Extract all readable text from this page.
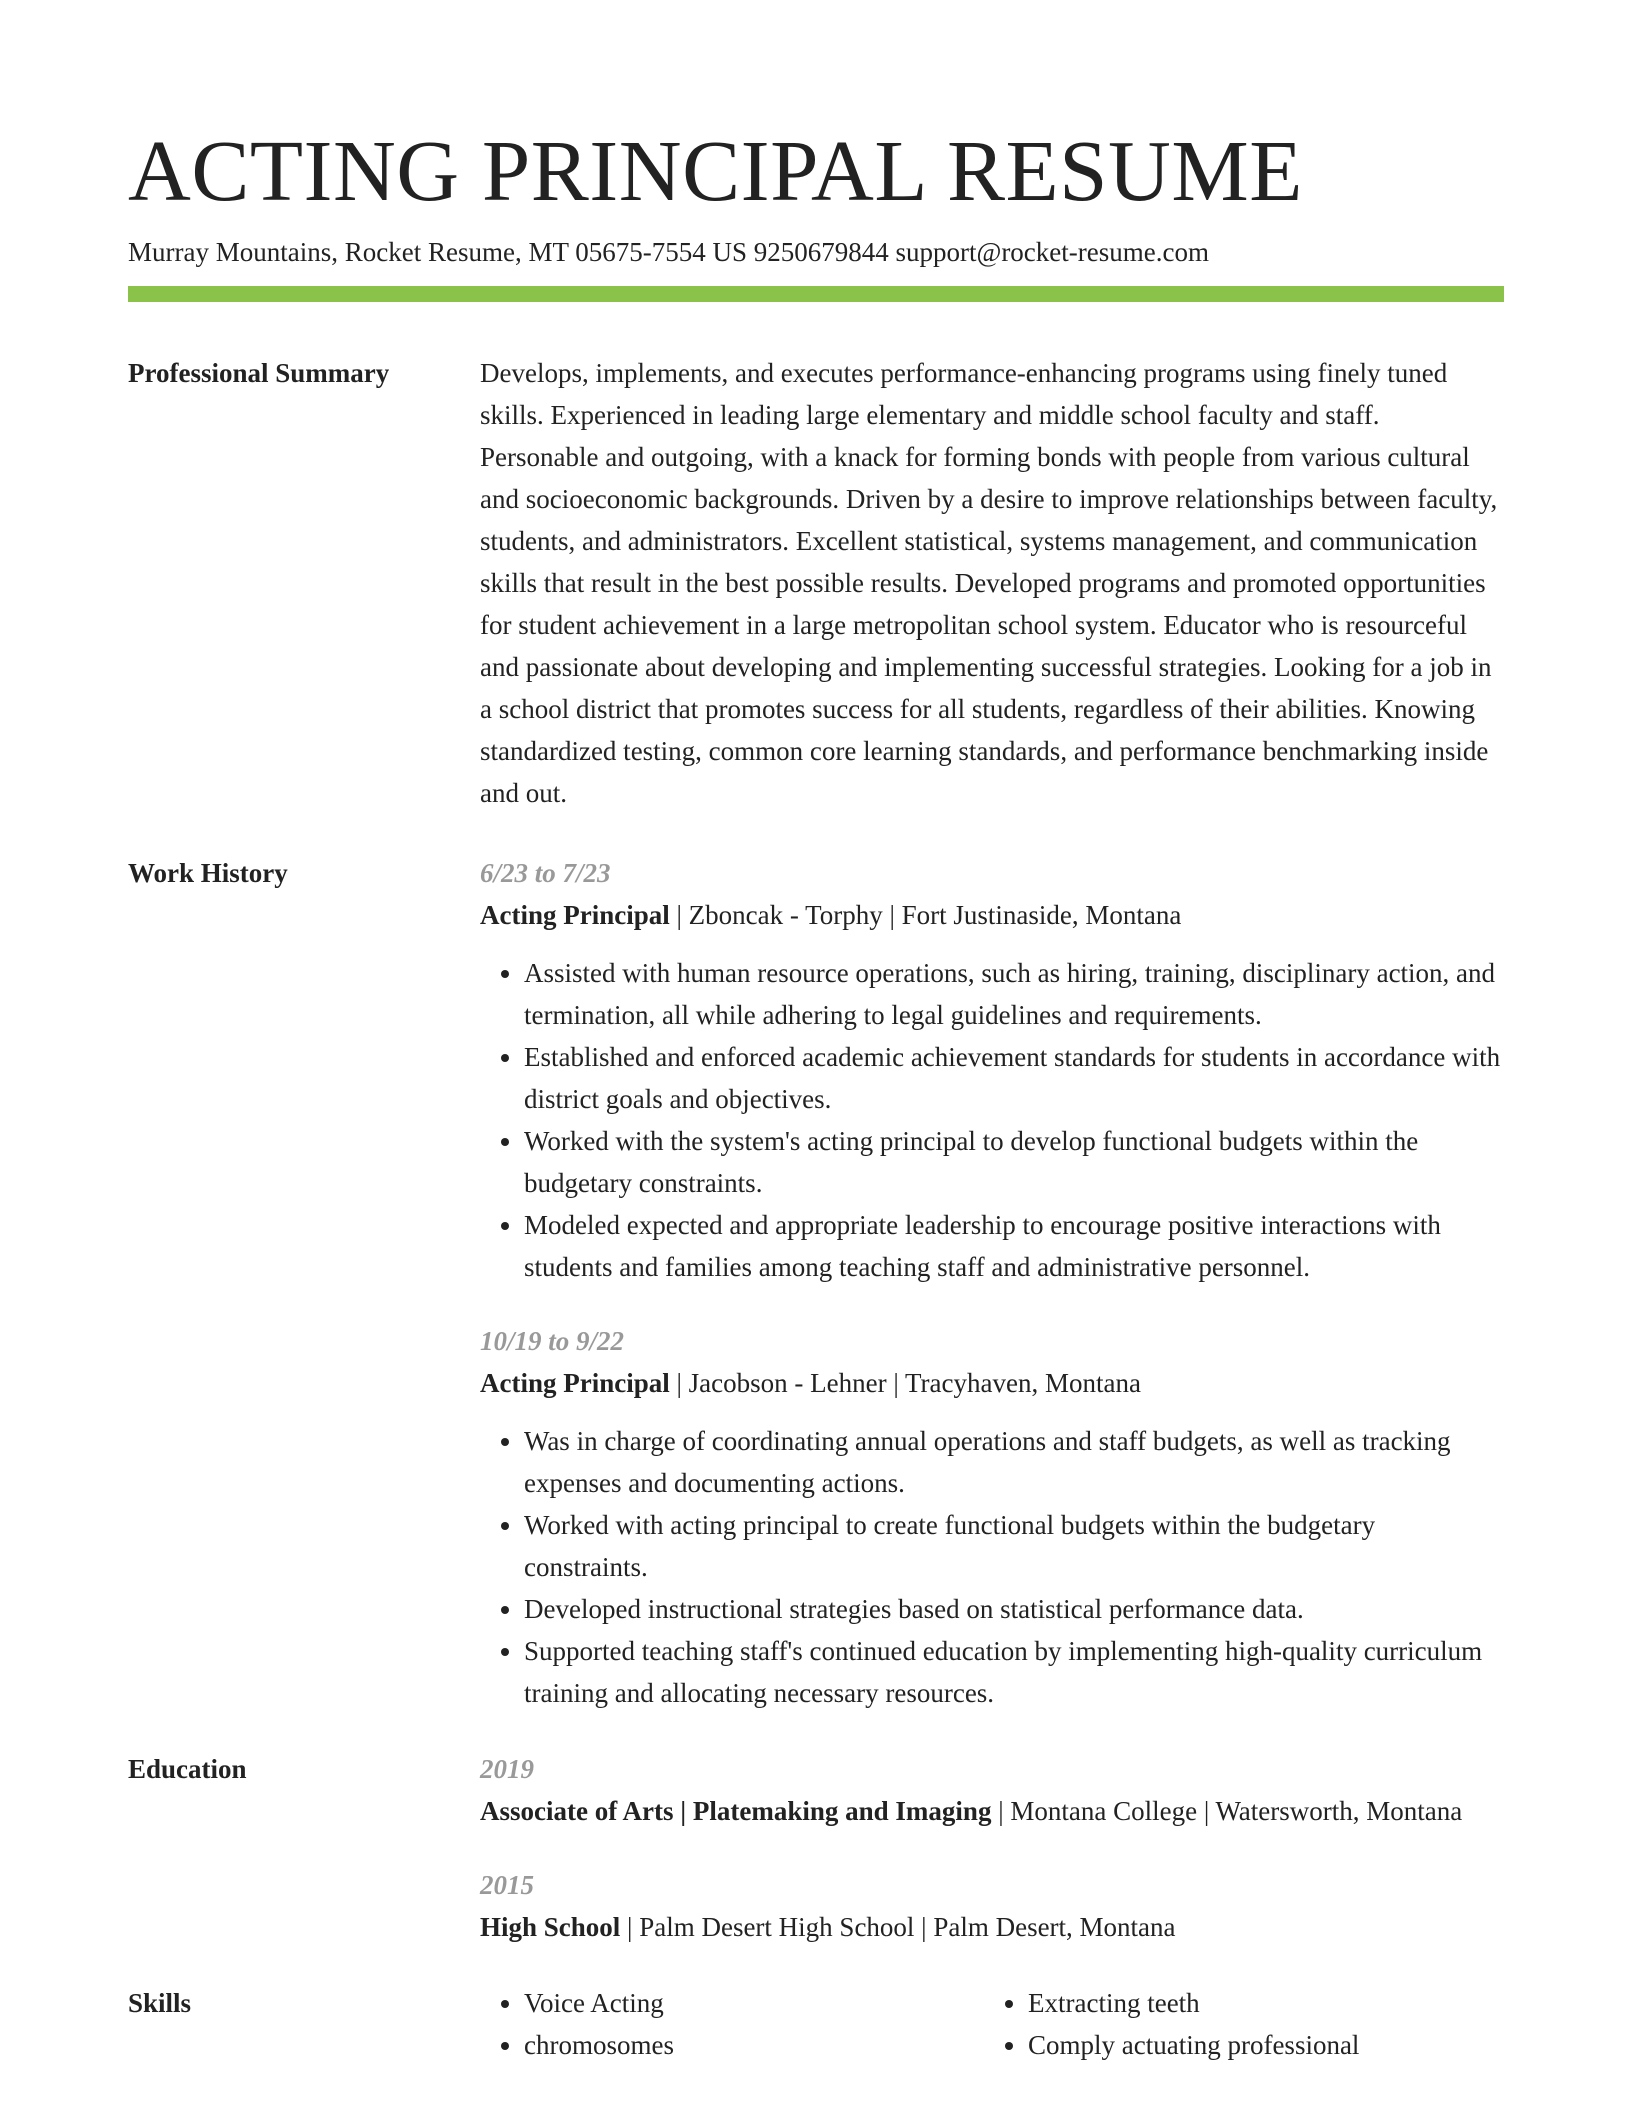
ACTING PRINCIPAL RESUME
Murray Mountains, Rocket Resume, MT 05675-7554 US 9250679844 support@rocket-resume.com
Professional Summary	Develops, implements, and executes performance-enhancing programs using finely tuned skills. Experienced in leading large elementary and middle school faculty and staff. Personable and outgoing, with a knack for forming bonds with people from various cultural and socioeconomic backgrounds. Driven by a desire to improve relationships between faculty, students, and administrators. Excellent statistical, systems management, and communication skills that result in the best possible results. Developed programs and promoted opportunities for student achievement in a large metropolitan school system. Educator who is resourceful and passionate about developing and implementing successful strategies. Looking for a job in a school district that promotes success for all students, regardless of their abilities. Knowing standardized testing, common core learning standards, and performance benchmarking inside and out.
Work History	6/23 to 7/23
Acting Principal | Zboncak - Torphy | Fort Justinaside, Montana
• Assisted with human resource operations, such as hiring, training, disciplinary action, and termination, all while adhering to legal guidelines and requirements.
• Established and enforced academic achievement standards for students in accordance with district goals and objectives.
• Worked with the system's acting principal to develop functional budgets within the budgetary constraints.
• Modeled expected and appropriate leadership to encourage positive interactions with students and families among teaching staff and administrative personnel.
10/19 to 9/22
Acting Principal | Jacobson - Lehner | Tracyhaven, Montana
• Was in charge of coordinating annual operations and staff budgets, as well as tracking expenses and documenting actions.
• Worked with acting principal to create functional budgets within the budgetary constraints.
• Developed instructional strategies based on statistical performance data.
• Supported teaching staff's continued education by implementing high-quality curriculum training and allocating necessary resources.
Education	2019
Associate of Arts | Platemaking and Imaging | Montana College | Watersworth, Montana
2015
High School | Palm Desert High School | Palm Desert, Montana
Skills
•	Voice Acting
• chromosomes
• Extracting teeth
• Comply actuating professional
